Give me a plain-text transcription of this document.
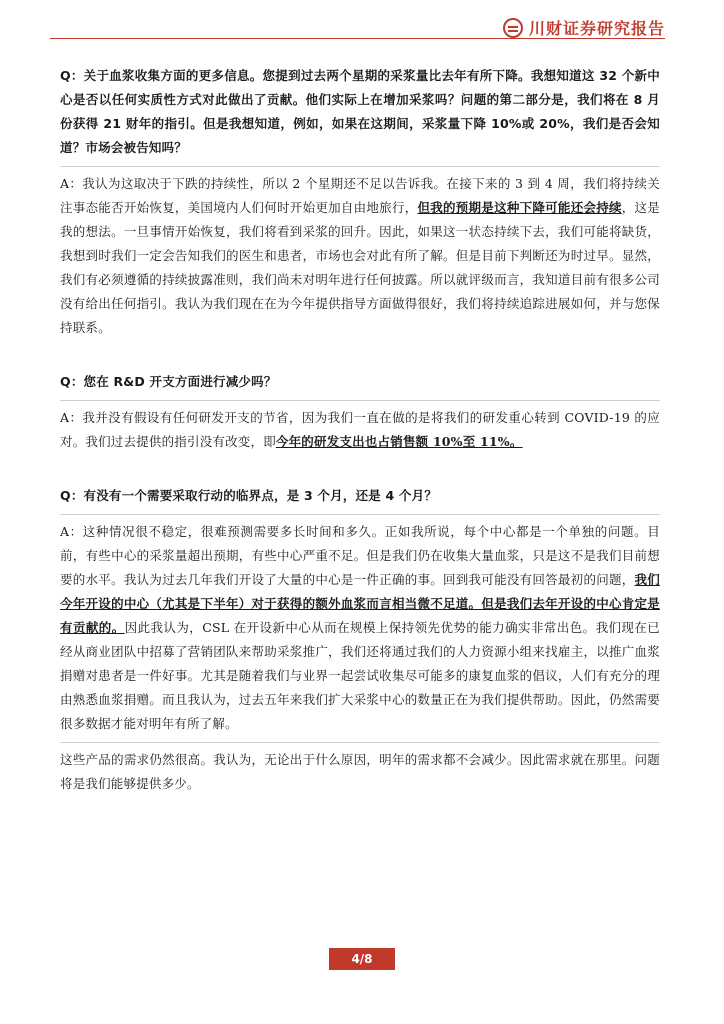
川财证券研究报告

Q：关于血浆收集方面的更多信息。您提到过去两个星期的采浆量比去年有所下降。我想知道这 32 个新中心是否以任何实质性方式对此做出了贡献。他们实际上在增加采浆吗？问题的第二部分是，我们将在 8 月份获得 21 财年的指引。但是我想知道，例如，如果在这期间，采浆量下降 10%或 20%，我们是否会知道？市场会被告知吗？

A：我认为这取决于下跌的持续性，所以 2 个星期还不足以告诉我。在接下来的 3 到 4 周，我们将持续关注事态能否开始恢复，美国境内人们何时开始更加自由地旅行，但我的预期是这种下降可能还会持续，这是我的想法。一旦事情开始恢复，我们将看到采浆的回升。因此，如果这一状态持续下去，我们可能将缺货，我想到时我们一定会告知我们的医生和患者，市场也会对此有所了解。但是目前下判断还为时过早。显然，我们有必须遵循的持续披露准则，我们尚未对明年进行任何披露。所以就评级而言，我知道目前有很多公司没有给出任何指引。我认为我们现在在为今年提供指导方面做得很好，我们将持续追踪进展如何，并与您保持联系。

Q：您在 R&D 开支方面进行减少吗？

A：我并没有假设有任何研发开支的节省，因为我们一直在做的是将我们的研发重心转到 COVID-19 的应对。我们过去提供的指引没有改变，即今年的研发支出也占销售额 10%至 11%。

Q：有没有一个需要采取行动的临界点，是 3 个月，还是 4 个月？

A：这种情况很不稳定，很难预测需要多长时间和多久。正如我所说，每个中心都是一个单独的问题。目前，有些中心的采浆量超出预期，有些中心严重不足。但是我们仍在收集大量血浆，只是这不是我们目前想要的水平。我认为过去几年我们开设了大量的中心是一件正确的事。回到我可能没有回答最初的问题，我们今年开设的中心（尤其是下半年）对于获得的额外血浆而言相当微不足道。但是我们去年开设的中心肯定是有贡献的。因此我认为，CSL 在开设新中心从而在规模上保持领先优势的能力确实非常出色。我们现在已经从商业团队中招募了营销团队来帮助采浆推广，我们还将通过我们的人力资源小组来找雇主，以推广血浆捐赠对患者是一件好事。尤其是随着我们与业界一起尝试收集尽可能多的康复血浆的倡议，人们有充分的理由熟悉血浆捐赠。而且我认为，过去五年来我们扩大采浆中心的数量正在为我们提供帮助。因此，仍然需要很多数据才能对明年有所了解。

这些产品的需求仍然很高。我认为，无论出于什么原因，明年的需求都不会减少。因此需求就在那里。问题将是我们能够提供多少。

4/8
